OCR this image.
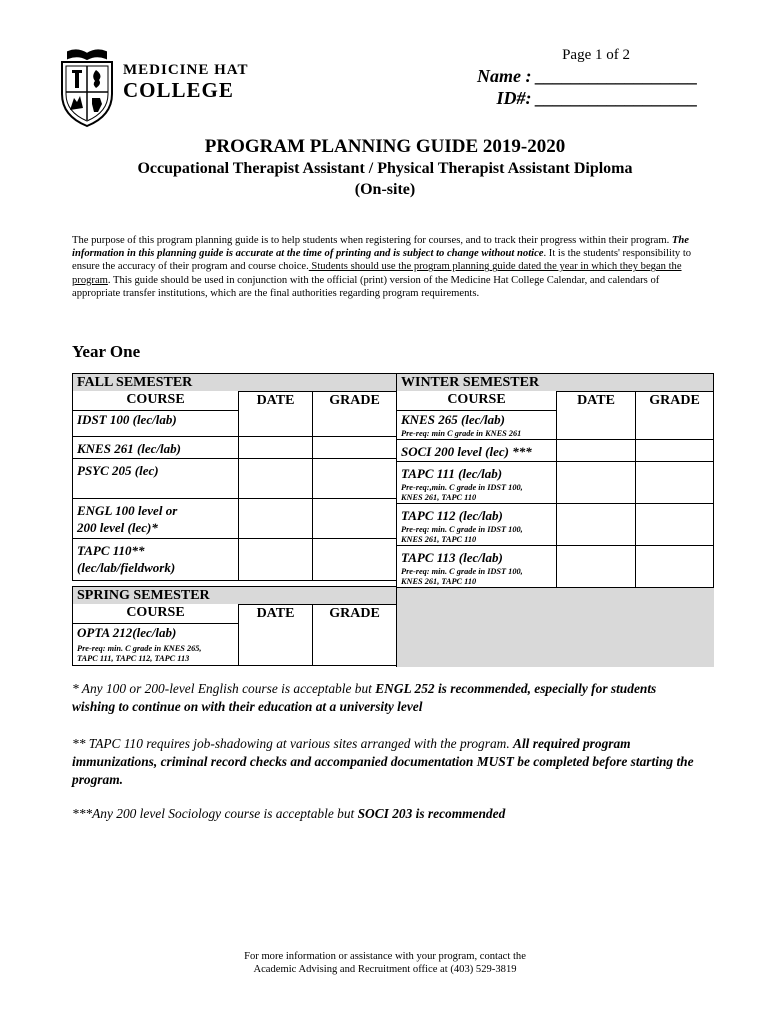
MEDICINE HAT
COLLEGE
Page 1 of 2
Name : __________________
ID#: __________________
PROGRAM PLANNING GUIDE 2019-2020
Occupational Therapist Assistant / Physical Therapist Assistant Diploma
(On-site)
The purpose of this program planning guide is to help students when registering for courses, and to track their progress within their program. The information in this planning guide is accurate at the time of printing and is subject to change without notice. It is the students' responsibility to ensure the accuracy of their program and course choice. Students should use the program planning guide dated the year in which they began the program. This guide should be used in conjunction with the official (print) version of the Medicine Hat College Calendar, and calendars of appropriate transfer institutions, which are the final authorities regarding program requirements.
Year One
FALL SEMESTER		
COURSE	DATE	GRADE
IDST 100 (lec/lab)		
KNES 261 (lec/lab)		
PSYC 205 (lec)		

ENGL 100 level or
200 level (lec)*		

TAPC 110**
(lec/lab/fieldwork)		

WINTER SEMESTER		
COURSE	DATE	GRADE

KNES 265 (lec/lab)
Pre-req: min C grade in KNES 261		

SOCI 200 level (lec) ***		

TAPC 111 (lec/lab)
Pre-req:,min. C grade in IDST 100,
KNES 261, TAPC 110		

TAPC 112 (lec/lab)
Pre-req: min. C grade in IDST 100,
KNES 261, TAPC 110		

TAPC 113 (lec/lab)
Pre-req: min. C grade in IDST 100,
KNES 261, TAPC 110		

SPRING SEMESTER
COURSE	DATE	GRADE

OPTA 212(lec/lab)
Pre-req: min. C grade in KNES 265,
TAPC 111, TAPC 112, TAPC 113
* Any 100 or 200-level English course is acceptable but ENGL 252 is recommended, especially for students wishing to continue on with their education at a university level
** TAPC 110 requires job-shadowing at various sites arranged with the program. All required program immunizations, criminal record checks and accompanied documentation MUST be completed before starting the program.
***Any 200 level Sociology course is acceptable but SOCI 203 is recommended
For more information or assistance with your program, contact the
Academic Advising and Recruitment office at (403) 529-3819
